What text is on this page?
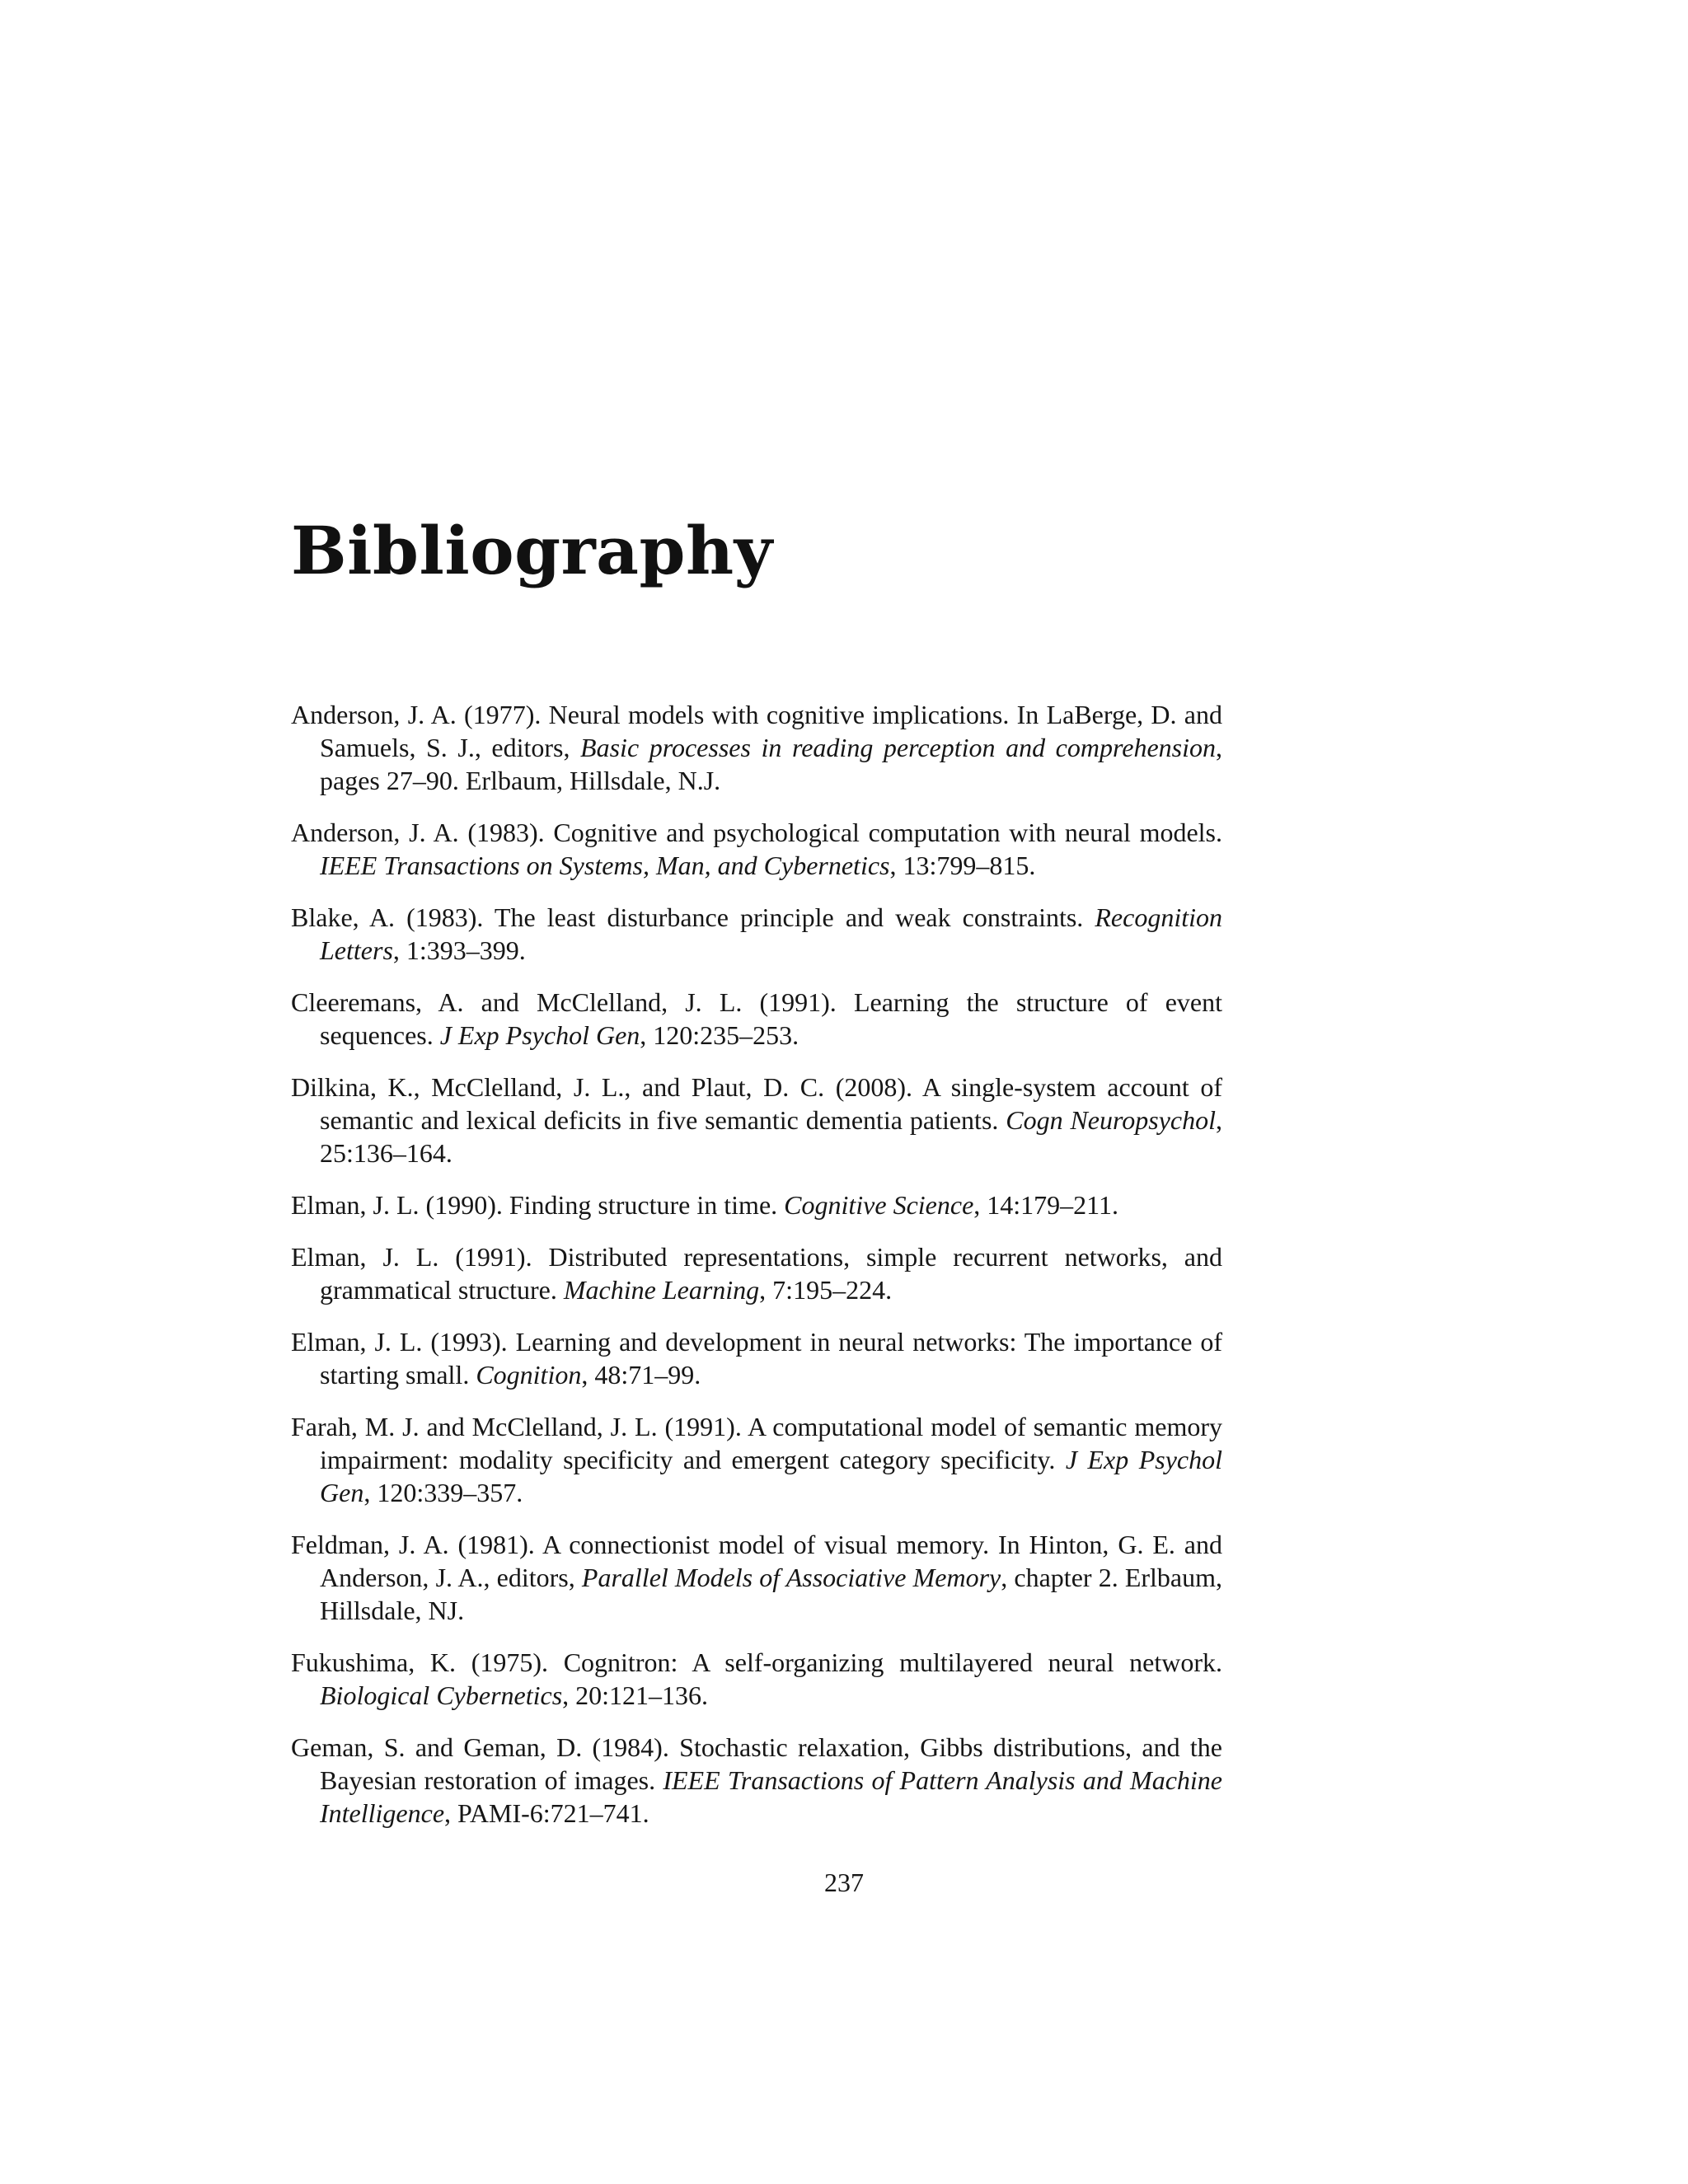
Bibliography
Anderson, J. A. (1977). Neural models with cognitive implications. In LaBerge, D. and Samuels, S. J., editors, Basic processes in reading perception and comprehension, pages 27–90. Erlbaum, Hillsdale, N.J.
Anderson, J. A. (1983). Cognitive and psychological computation with neural models. IEEE Transactions on Systems, Man, and Cybernetics, 13:799–815.
Blake, A. (1983). The least disturbance principle and weak constraints. Recognition Letters, 1:393–399.
Cleeremans, A. and McClelland, J. L. (1991). Learning the structure of event sequences. J Exp Psychol Gen, 120:235–253.
Dilkina, K., McClelland, J. L., and Plaut, D. C. (2008). A single-system account of semantic and lexical deficits in five semantic dementia patients. Cogn Neuropsychol, 25:136–164.
Elman, J. L. (1990). Finding structure in time. Cognitive Science, 14:179–211.
Elman, J. L. (1991). Distributed representations, simple recurrent networks, and grammatical structure. Machine Learning, 7:195–224.
Elman, J. L. (1993). Learning and development in neural networks: The importance of starting small. Cognition, 48:71–99.
Farah, M. J. and McClelland, J. L. (1991). A computational model of semantic memory impairment: modality specificity and emergent category specificity. J Exp Psychol Gen, 120:339–357.
Feldman, J. A. (1981). A connectionist model of visual memory. In Hinton, G. E. and Anderson, J. A., editors, Parallel Models of Associative Memory, chapter 2. Erlbaum, Hillsdale, NJ.
Fukushima, K. (1975). Cognitron: A self-organizing multilayered neural network. Biological Cybernetics, 20:121–136.
Geman, S. and Geman, D. (1984). Stochastic relaxation, Gibbs distributions, and the Bayesian restoration of images. IEEE Transactions of Pattern Analysis and Machine Intelligence, PAMI-6:721–741.
237
